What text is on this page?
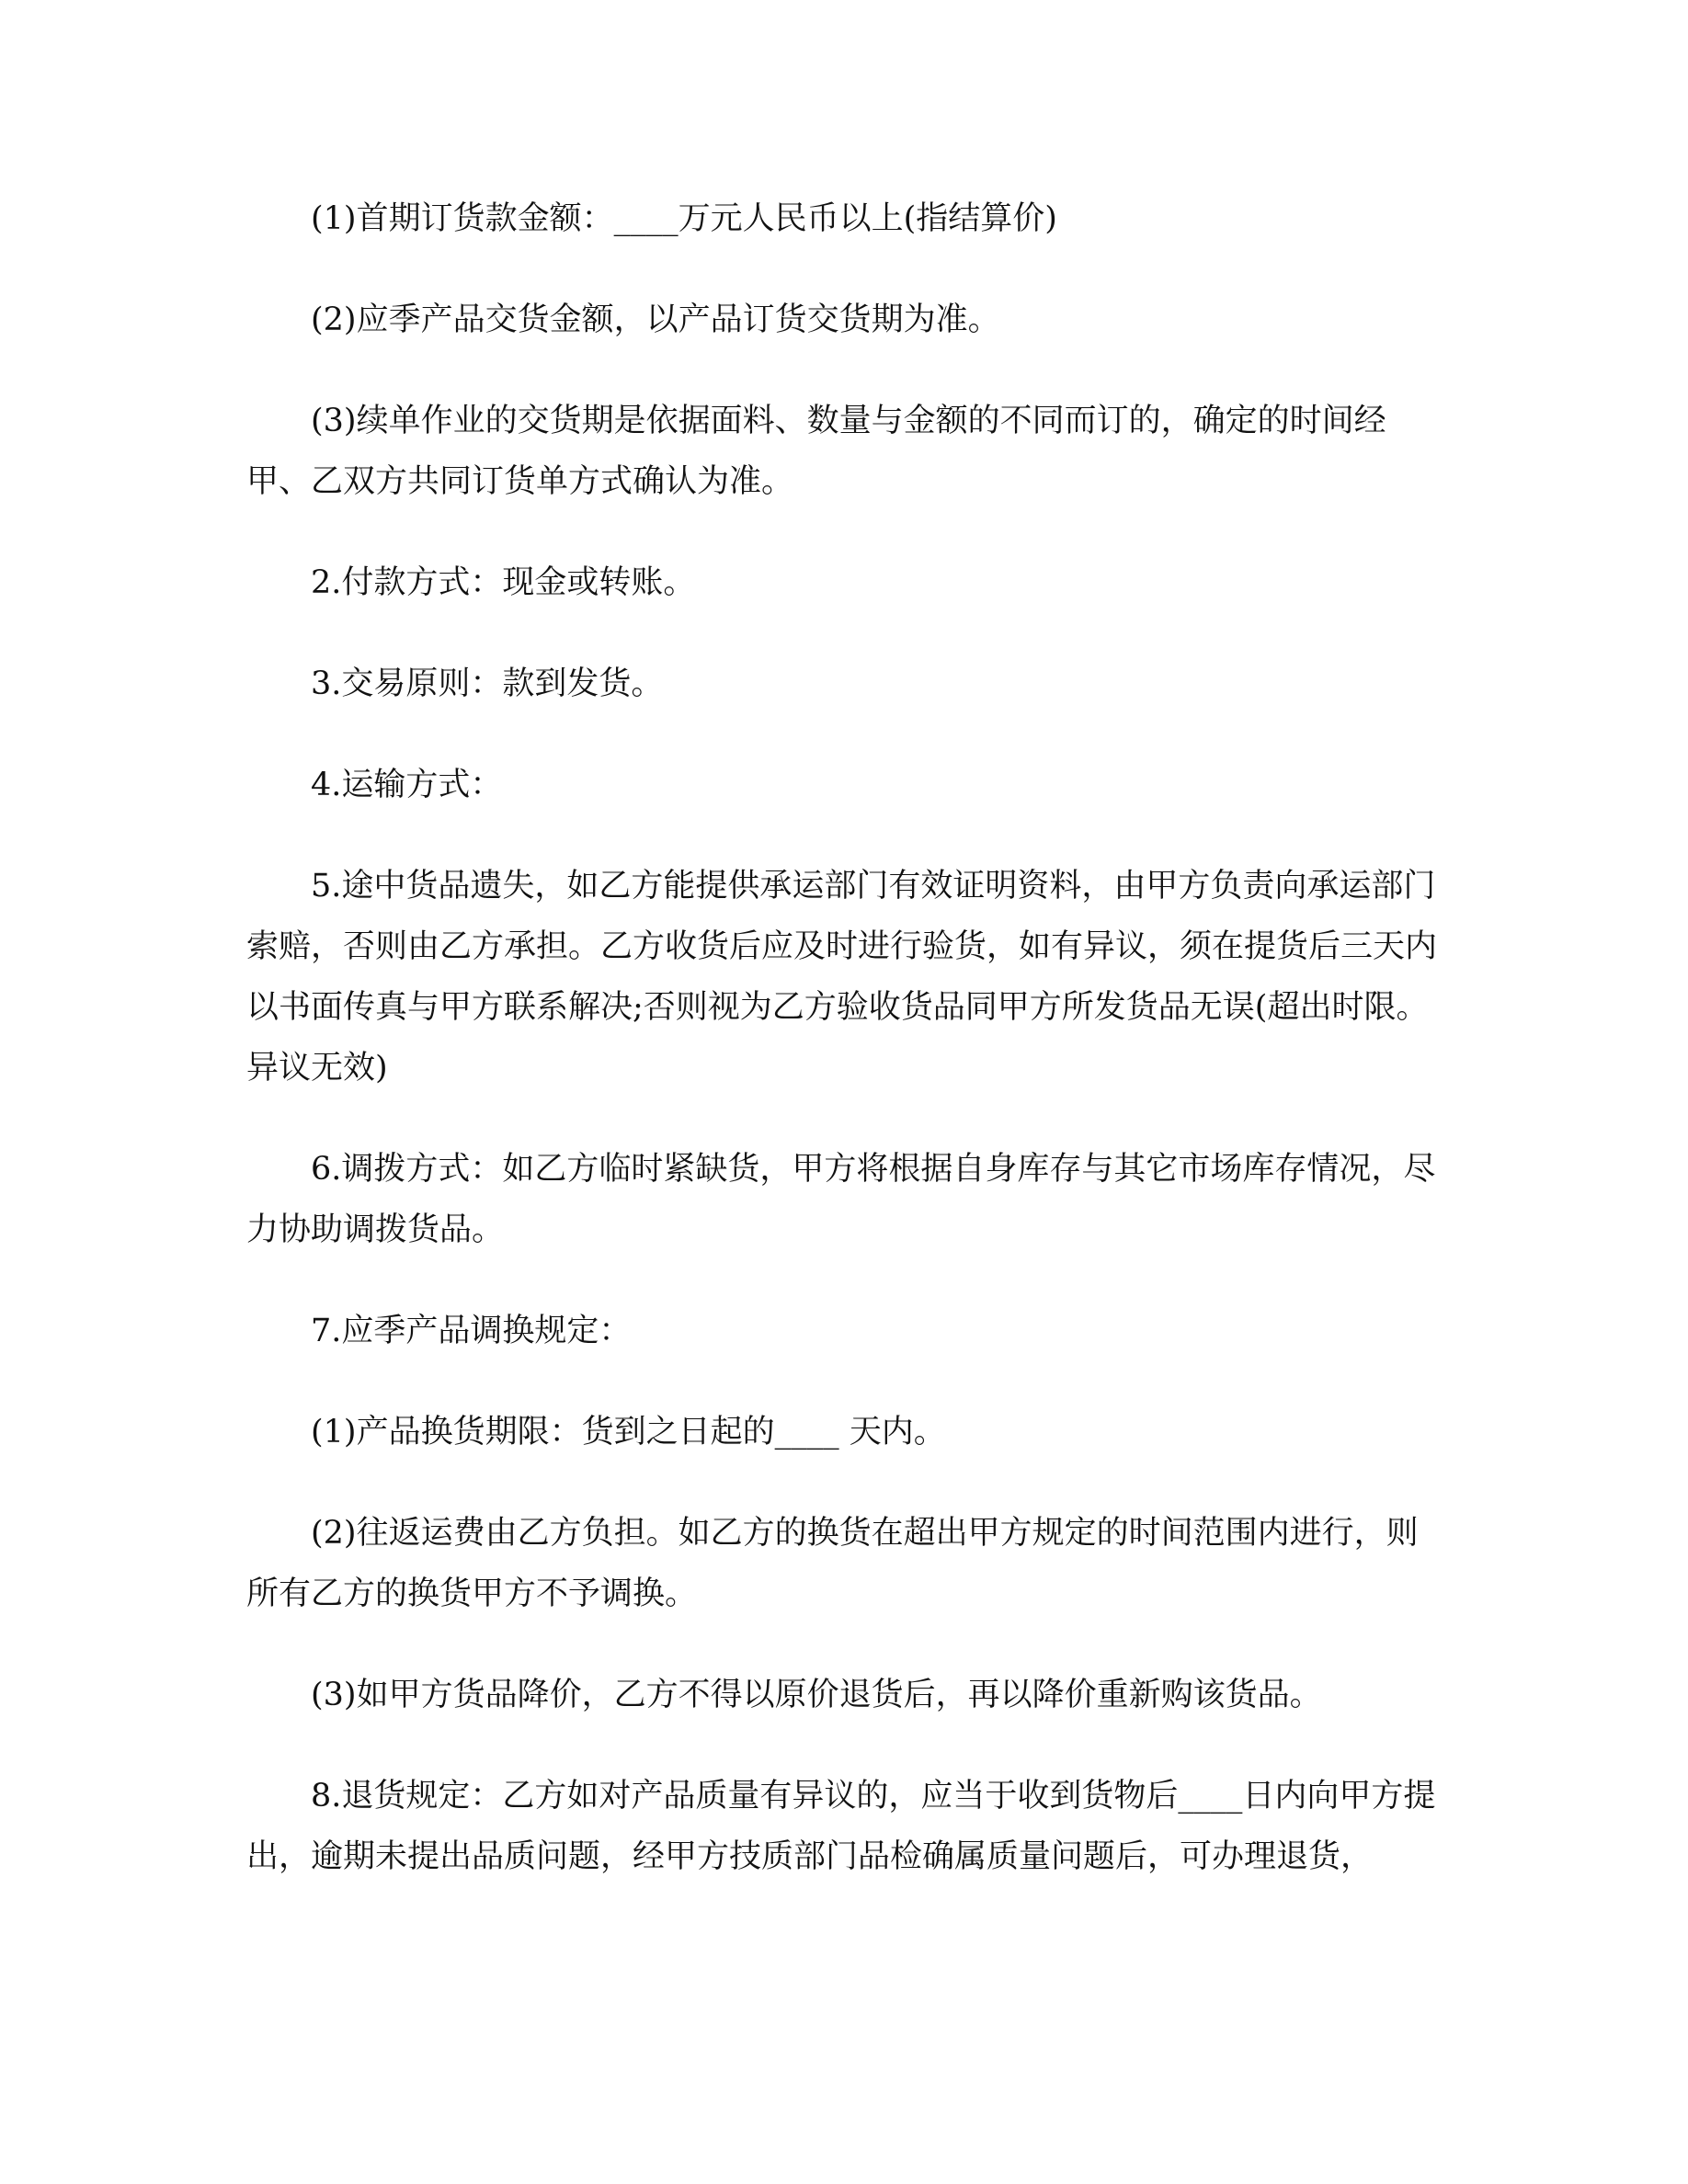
(1)首期订货款金额：____万元人民币以上(指结算价)

(2)应季产品交货金额，以产品订货交货期为准。

(3)续单作业的交货期是依据面料、数量与金额的不同而订的，确定的时间经甲、乙双方共同订货单方式确认为准。

2.付款方式：现金或转账。

3.交易原则：款到发货。

4.运输方式：

5.途中货品遗失，如乙方能提供承运部门有效证明资料，由甲方负责向承运部门索赔，否则由乙方承担。乙方收货后应及时进行验货，如有异议，须在提货后三天内以书面传真与甲方联系解决;否则视为乙方验收货品同甲方所发货品无误(超出时限。异议无效)

6.调拨方式：如乙方临时紧缺货，甲方将根据自身库存与其它市场库存情况，尽力协助调拨货品。

7.应季产品调换规定：

(1)产品换货期限：货到之日起的____ 天内。

(2)往返运费由乙方负担。如乙方的换货在超出甲方规定的时间范围内进行，则所有乙方的换货甲方不予调换。

(3)如甲方货品降价，乙方不得以原价退货后，再以降价重新购该货品。

8.退货规定：乙方如对产品质量有异议的，应当于收到货物后____日内向甲方提出，逾期未提出品质问题，经甲方技质部门品检确属质量问题后，可办理退货，
